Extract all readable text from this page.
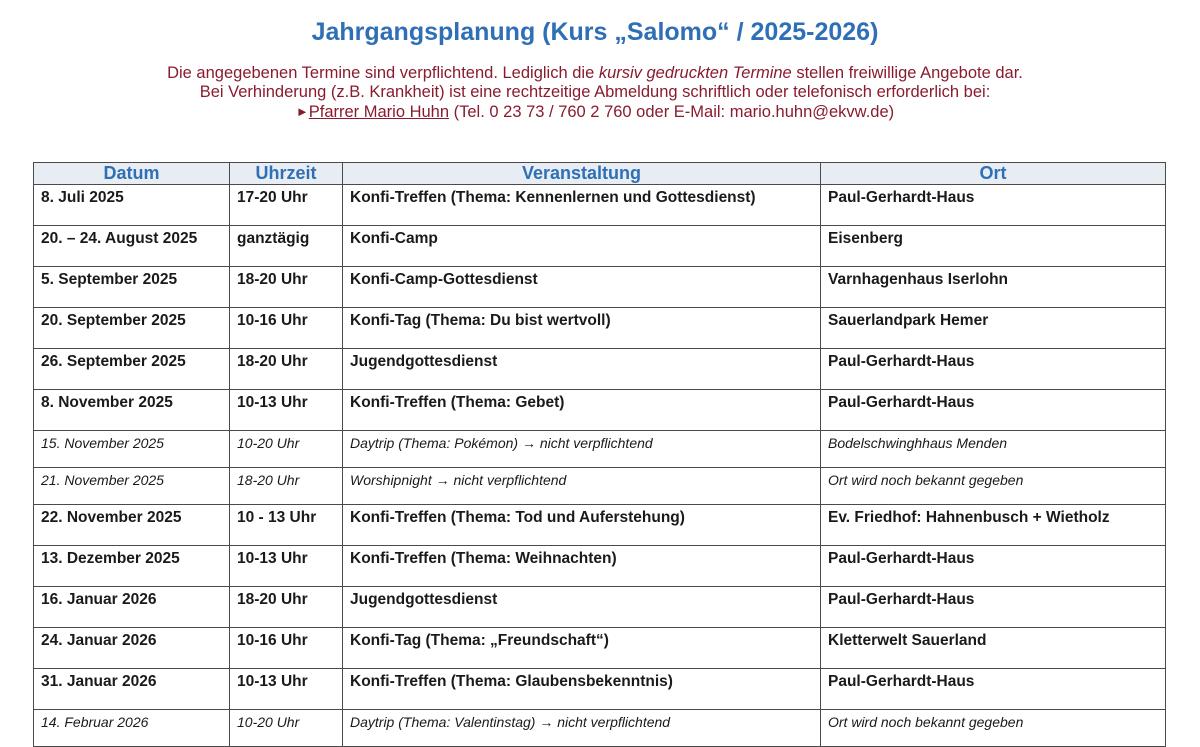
Jahrgangsplanung (Kurs „Salomo“ / 2025-2026)
Die angegebenen Termine sind verpflichtend. Lediglich die kursiv gedruckten Termine stellen freiwillige Angebote dar.
Bei Verhinderung (z.B. Krankheit) ist eine rechtzeitige Abmeldung schriftlich oder telefonisch erforderlich bei:
►Pfarrer Mario Huhn (Tel. 0 23 73 / 760 2 760 oder E-Mail: mario.huhn@ekvw.de)
Datum	Uhrzeit	Veranstaltung	Ort
8. Juli 2025	17-20 Uhr	Konfi-Treffen (Thema: Kennenlernen und Gottesdienst)	Paul-Gerhardt-Haus
20. – 24. August 2025	ganztägig	Konfi-Camp	Eisenberg
5. September 2025	18-20 Uhr	Konfi-Camp-Gottesdienst	Varnhagenhaus Iserlohn
20. September 2025	10-16 Uhr	Konfi-Tag (Thema: Du bist wertvoll)	Sauerlandpark Hemer
26. September 2025	18-20 Uhr	Jugendgottesdienst	Paul-Gerhardt-Haus
8. November 2025	10-13 Uhr	Konfi-Treffen (Thema: Gebet)	Paul-Gerhardt-Haus
15. November 2025	10-20 Uhr	Daytrip (Thema: Pokémon) → nicht verpflichtend	Bodelschwinghhaus Menden
21. November 2025	18-20 Uhr	Worshipnight → nicht verpflichtend	Ort wird noch bekannt gegeben
22. November 2025	10 - 13 Uhr	Konfi-Treffen (Thema: Tod und Auferstehung)	Ev. Friedhof: Hahnenbusch + Wietholz
13. Dezember 2025	10-13 Uhr	Konfi-Treffen (Thema: Weihnachten)	Paul-Gerhardt-Haus
16. Januar 2026	18-20 Uhr	Jugendgottesdienst	Paul-Gerhardt-Haus
24. Januar 2026	10-16 Uhr	Konfi-Tag (Thema: „Freundschaft“)	Kletterwelt Sauerland
31. Januar 2026	10-13 Uhr	Konfi-Treffen (Thema: Glaubensbekenntnis)	Paul-Gerhardt-Haus
14. Februar 2026	10-20 Uhr	Daytrip (Thema: Valentinstag) → nicht verpflichtend	Ort wird noch bekannt gegeben
